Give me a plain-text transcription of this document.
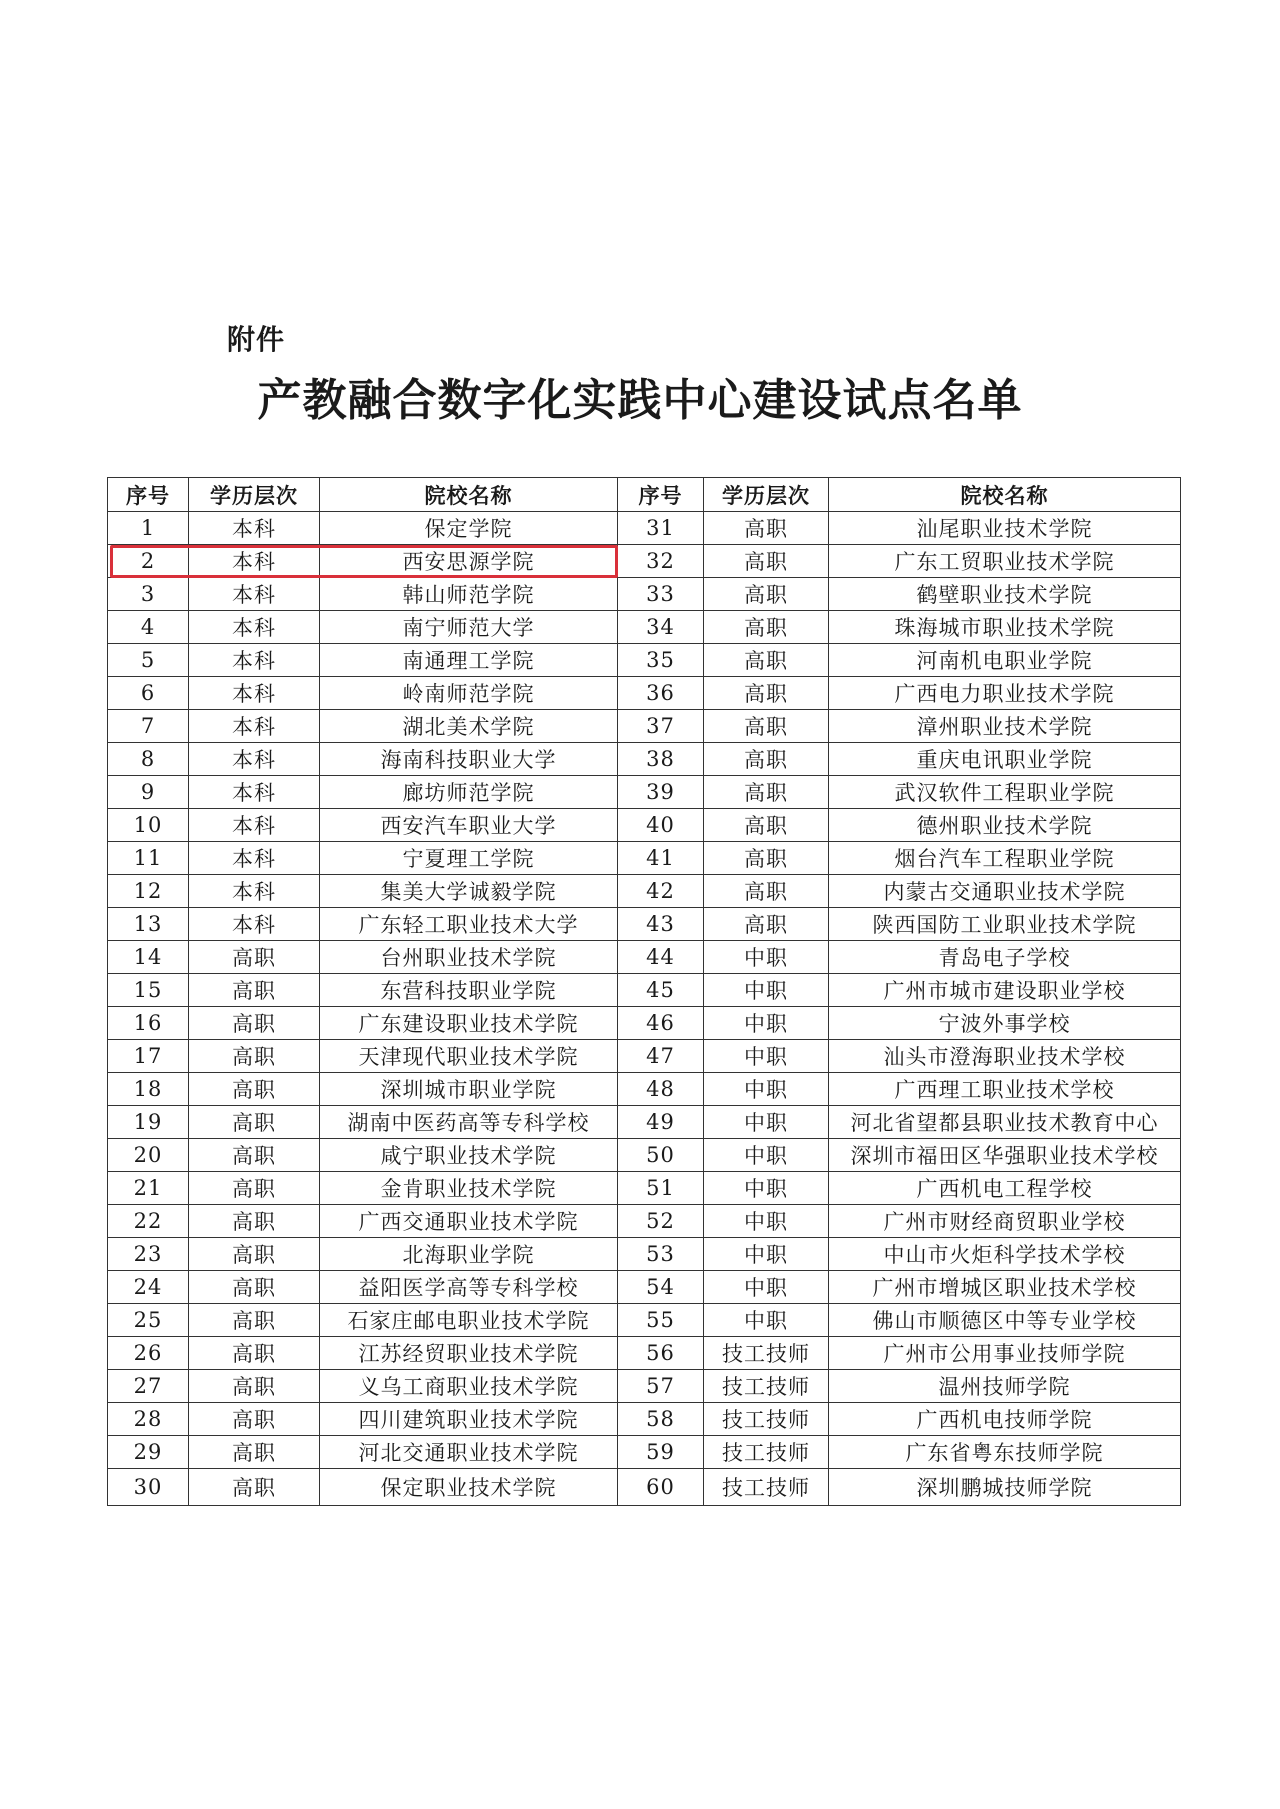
附件
产教融合数字化实践中心建设试点名单
序号	学历层次	院校名称	序号	学历层次	院校名称
1	本科	保定学院	31	高职	汕尾职业技术学院
2	本科	西安思源学院	32	高职	广东工贸职业技术学院
3	本科	韩山师范学院	33	高职	鹤壁职业技术学院
4	本科	南宁师范大学	34	高职	珠海城市职业技术学院
5	本科	南通理工学院	35	高职	河南机电职业学院
6	本科	岭南师范学院	36	高职	广西电力职业技术学院
7	本科	湖北美术学院	37	高职	漳州职业技术学院
8	本科	海南科技职业大学	38	高职	重庆电讯职业学院
9	本科	廊坊师范学院	39	高职	武汉软件工程职业学院
10	本科	西安汽车职业大学	40	高职	德州职业技术学院
11	本科	宁夏理工学院	41	高职	烟台汽车工程职业学院
12	本科	集美大学诚毅学院	42	高职	内蒙古交通职业技术学院
13	本科	广东轻工职业技术大学	43	高职	陕西国防工业职业技术学院
14	高职	台州职业技术学院	44	中职	青岛电子学校
15	高职	东营科技职业学院	45	中职	广州市城市建设职业学校
16	高职	广东建设职业技术学院	46	中职	宁波外事学校
17	高职	天津现代职业技术学院	47	中职	汕头市澄海职业技术学校
18	高职	深圳城市职业学院	48	中职	广西理工职业技术学校
19	高职	湖南中医药高等专科学校	49	中职	河北省望都县职业技术教育中心
20	高职	咸宁职业技术学院	50	中职	深圳市福田区华强职业技术学校
21	高职	金肯职业技术学院	51	中职	广西机电工程学校
22	高职	广西交通职业技术学院	52	中职	广州市财经商贸职业学校
23	高职	北海职业学院	53	中职	中山市火炬科学技术学校
24	高职	益阳医学高等专科学校	54	中职	广州市增城区职业技术学校
25	高职	石家庄邮电职业技术学院	55	中职	佛山市顺德区中等专业学校
26	高职	江苏经贸职业技术学院	56	技工技师	广州市公用事业技师学院
27	高职	义乌工商职业技术学院	57	技工技师	温州技师学院
28	高职	四川建筑职业技术学院	58	技工技师	广西机电技师学院
29	高职	河北交通职业技术学院	59	技工技师	广东省粤东技师学院
30	高职	保定职业技术学院	60	技工技师	深圳鹏城技师学院
